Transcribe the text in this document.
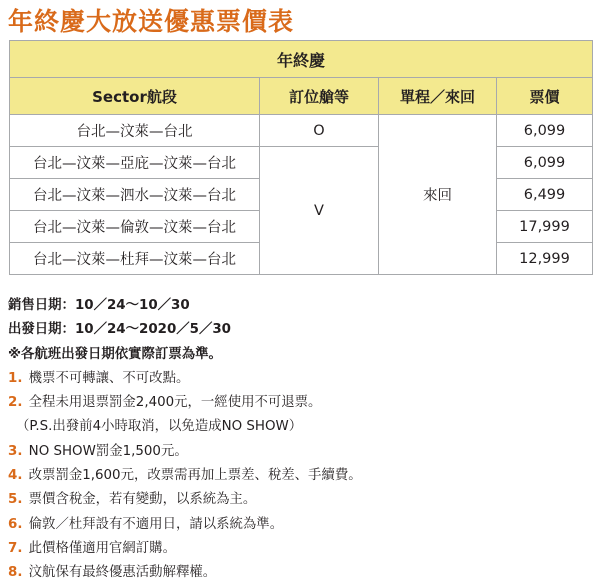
年終慶大放送優惠票價表
年終慶			
Sector航段	訂位艙等	單程／來回	票價
台北—汶萊—台北	O	來回	6,099
台北—汶萊—亞庇—汶萊—台北	V		6,099
台北—汶萊—泗水—汶萊—台北			6,499
台北—汶萊—倫敦—汶萊—台北			17,999
台北—汶萊—杜拜—汶萊—台北			12,999
銷售日期：10／24～10／30
出發日期：10／24～2020／5／30
※各航班出發日期依實際訂票為準。
1. 機票不可轉讓、不可改點。
2. 全程未用退票罰金2,400元，一經使用不可退票。
（P.S.出發前4小時取消，以免造成NO SHOW）
3. NO SHOW罰金1,500元。
4. 改票罰金1,600元，改票需再加上票差、稅差、手續費。
5. 票價含稅金，若有變動，以系統為主。
6. 倫敦／杜拜設有不適用日，請以系統為準。
7. 此價格僅適用官網訂購。
8. 汶航保有最終優惠活動解釋權。
